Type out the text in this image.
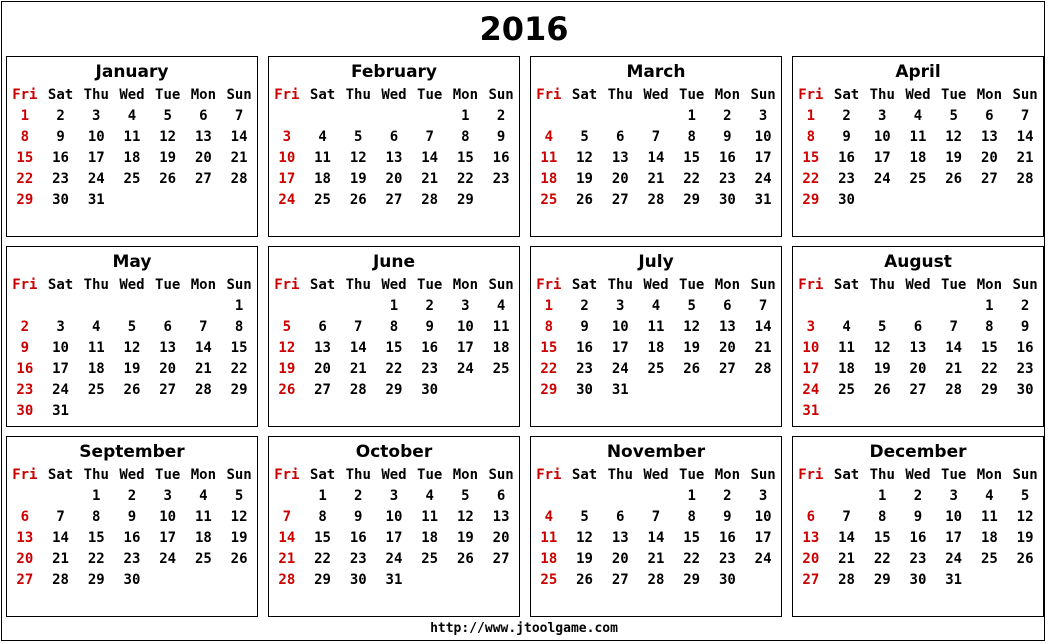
2016
January
Fri	Sat	Thu	Wed	Tue	Mon	Sun
1	2	3	4	5	6	7
8	9	10	11	12	13	14
15	16	17	18	19	20	21
22	23	24	25	26	27	28
29	30	31				
February
Fri	Sat	Thu	Wed	Tue	Mon	Sun
					1	2
3	4	5	6	7	8	9
10	11	12	13	14	15	16
17	18	19	20	21	22	23
24	25	26	27	28	29	
March
Fri	Sat	Thu	Wed	Tue	Mon	Sun
				1	2	3
4	5	6	7	8	9	10
11	12	13	14	15	16	17
18	19	20	21	22	23	24
25	26	27	28	29	30	31
April
Fri	Sat	Thu	Wed	Tue	Mon	Sun
1	2	3	4	5	6	7
8	9	10	11	12	13	14
15	16	17	18	19	20	21
22	23	24	25	26	27	28
29	30					
May
Fri	Sat	Thu	Wed	Tue	Mon	Sun
						1
2	3	4	5	6	7	8
9	10	11	12	13	14	15
16	17	18	19	20	21	22
23	24	25	26	27	28	29
30	31					
June
Fri	Sat	Thu	Wed	Tue	Mon	Sun
			1	2	3	4
5	6	7	8	9	10	11
12	13	14	15	16	17	18
19	20	21	22	23	24	25
26	27	28	29	30		
July
Fri	Sat	Thu	Wed	Tue	Mon	Sun
1	2	3	4	5	6	7
8	9	10	11	12	13	14
15	16	17	18	19	20	21
22	23	24	25	26	27	28
29	30	31				
August
Fri	Sat	Thu	Wed	Tue	Mon	Sun
					1	2
3	4	5	6	7	8	9
10	11	12	13	14	15	16
17	18	19	20	21	22	23
24	25	26	27	28	29	30
31						
September
Fri	Sat	Thu	Wed	Tue	Mon	Sun
		1	2	3	4	5
6	7	8	9	10	11	12
13	14	15	16	17	18	19
20	21	22	23	24	25	26
27	28	29	30			
October
Fri	Sat	Thu	Wed	Tue	Mon	Sun
	1	2	3	4	5	6
7	8	9	10	11	12	13
14	15	16	17	18	19	20
21	22	23	24	25	26	27
28	29	30	31			
November
Fri	Sat	Thu	Wed	Tue	Mon	Sun
				1	2	3
4	5	6	7	8	9	10
11	12	13	14	15	16	17
18	19	20	21	22	23	24
25	26	27	28	29	30	
December
Fri	Sat	Thu	Wed	Tue	Mon	Sun
		1	2	3	4	5
6	7	8	9	10	11	12
13	14	15	16	17	18	19
20	21	22	23	24	25	26
27	28	29	30	31		
http://www.jtoolgame.com
